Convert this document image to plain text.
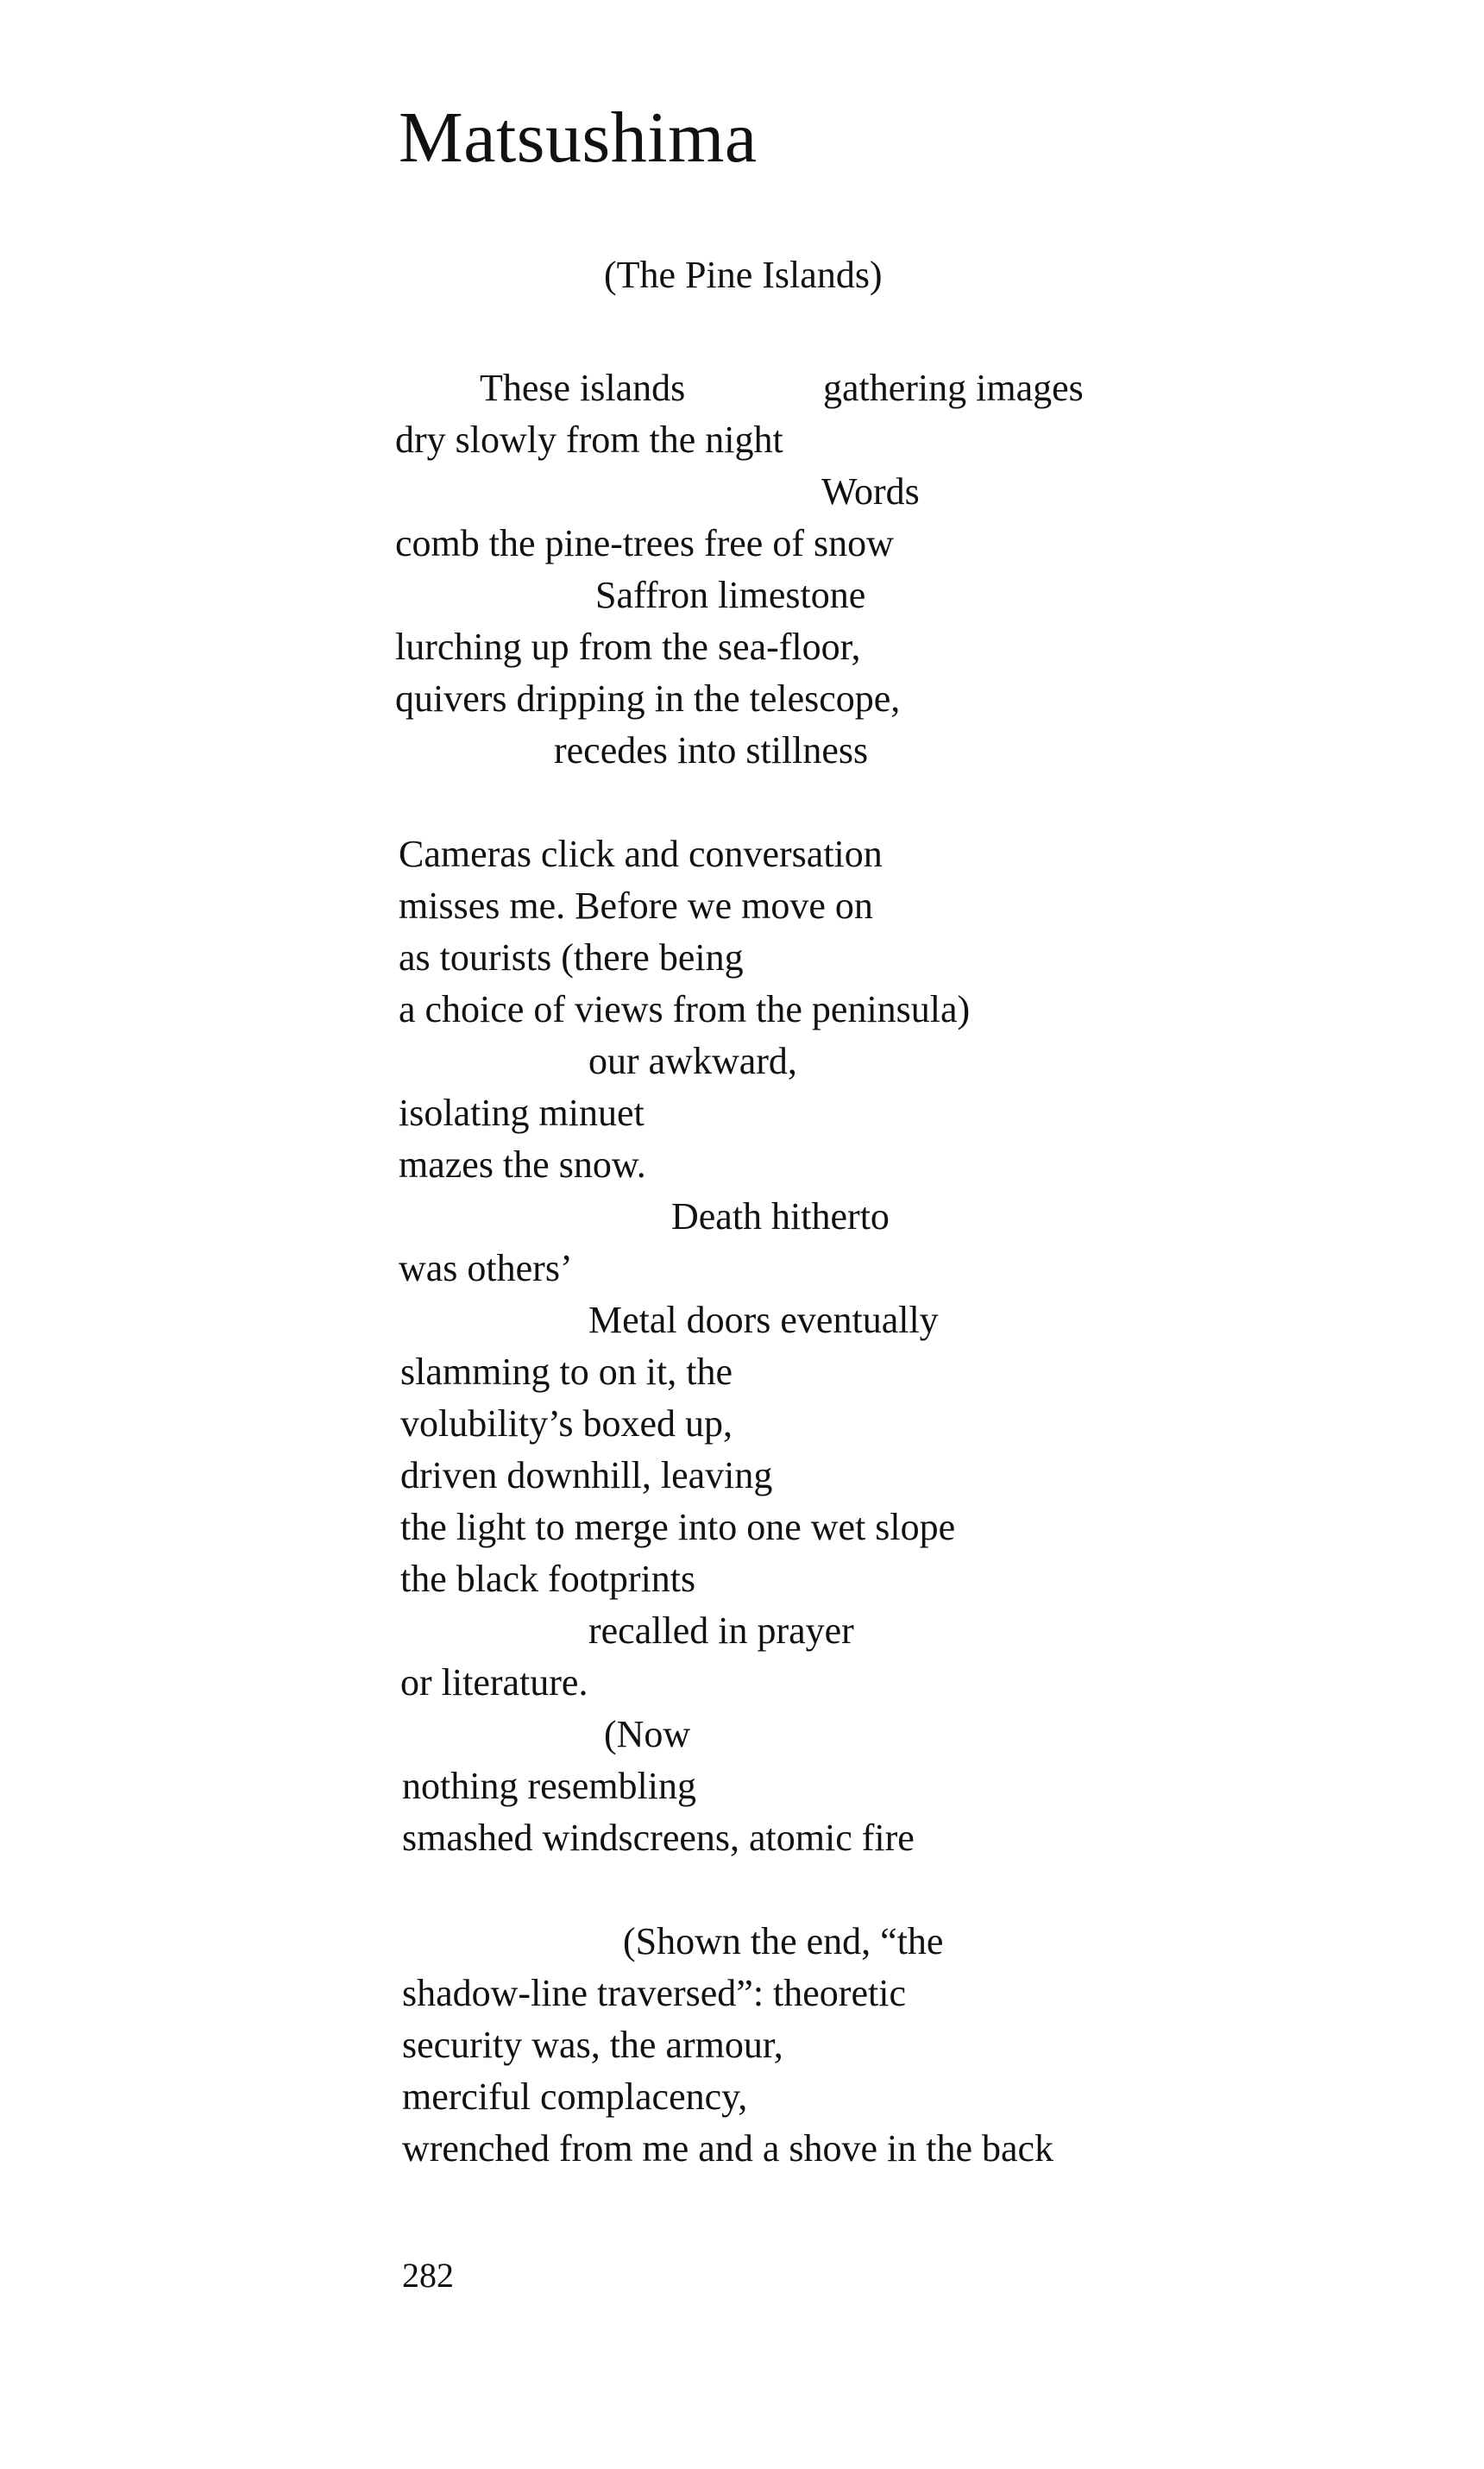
Matsushima
(The Pine Islands)
These islands	gathering images
dry slowly from the night
Words
comb the pine-trees free of snow
Saffron limestone
lurching up from the sea-floor,
quivers dripping in the telescope,
recedes into stillness
Cameras click and conversation
misses me. Before we move on
as tourists (there being
a choice of views from the peninsula)
our awkward,
isolating minuet
mazes the snow.
Death hitherto
was others’
Metal doors eventually
slamming to on it, the
volubility’s boxed up,
driven downhill, leaving
the light to merge into one wet slope
the black footprints
recalled in prayer
or literature.
(Now
nothing resembling
smashed windscreens, atomic fire
(Shown the end, “the
shadow-line traversed”: theoretic
security was, the armour,
merciful complacency,
wrenched from me and a shove in the back
282
